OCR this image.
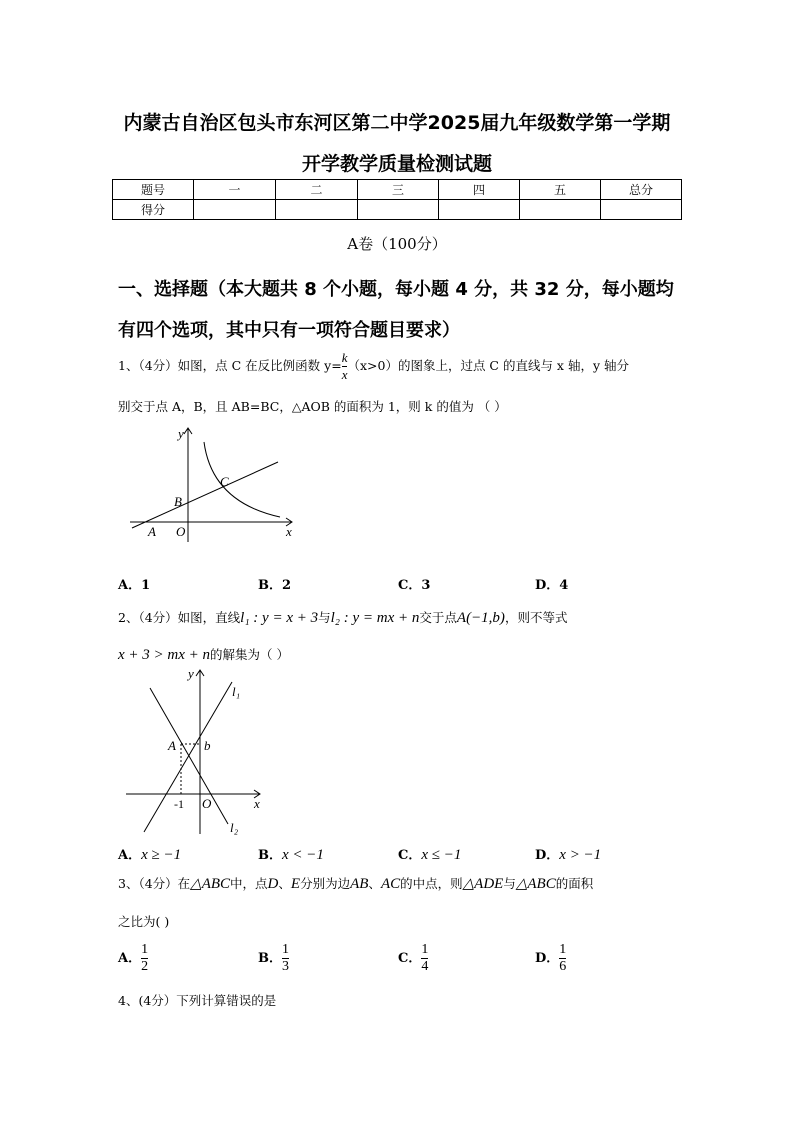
内蒙古自治区包头市东河区第二中学2025届九年级数学第一学期
开学教学质量检测试题
题号	一	二	三	四	五	总分
得分						
A卷（100分）
一、选择题（本大题共 8 个小题，每小题 4 分，共 32 分，每小题均
有四个选项，其中只有一项符合题目要求）
1、（4分）如图，点 C 在反比例函数 $y= \frac{k}{x} (x>0)$的图象上，过点 C 的直线与 x 轴，y 轴分
别交于点 A，B，且 AB=BC，△AOB 的面积为 1，则 k 的值为 （ ）
y
x
A O
B
C
A．1	B．2	C．3	D．4
2、（4分）如图，直线l₁ : y = x + 3与l₂ : y = mx + n交于点A(−1,b)，则不等式
x + 3 > mx + n的解集为（ ）
y
x
l₁
l₂
A b
O
-1
A．x ≥ −1	B．x < −1	C．x ≤ −1	D．x > −1
3、（4分）在△ABC中，点D、E分别为边AB、AC的中点，则△ADE与△ABC的面积
之比为( )
A． $\frac{1}{2}$	B． $\frac{1}{3}$	C． $\frac{1}{4}$	D． $\frac{1}{6}$
4、(4分）下列计算错误的是
